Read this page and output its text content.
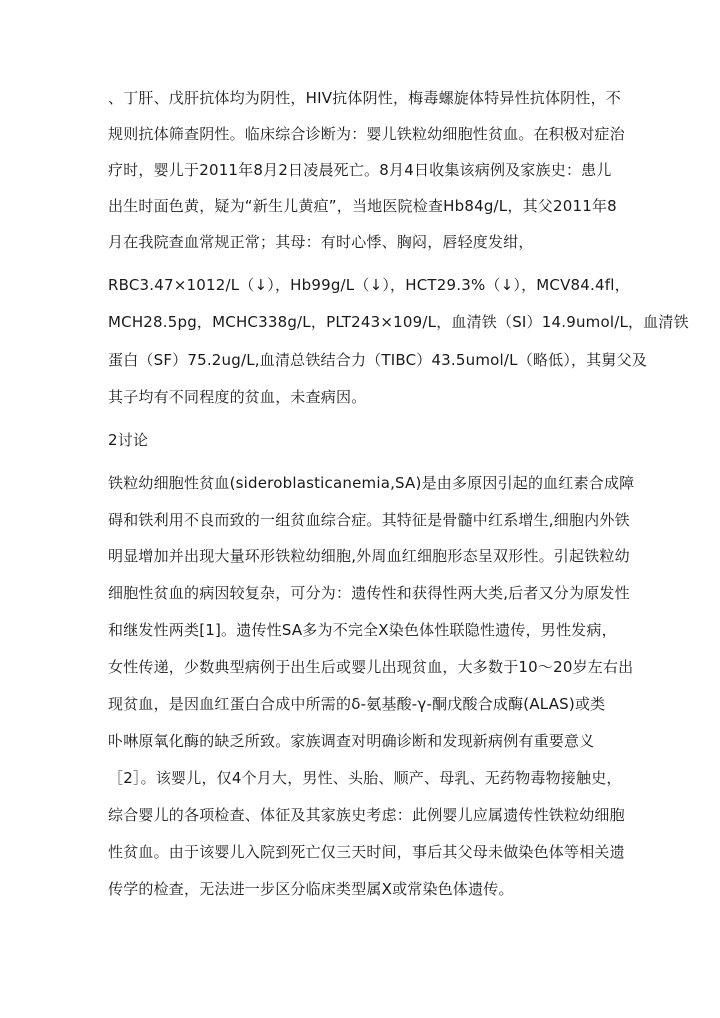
、丁肝、戊肝抗体均为阴性，HIV抗体阴性，梅毒螺旋体特异性抗体阴性，不
规则抗体筛查阴性。临床综合诊断为：婴儿铁粒幼细胞性贫血。在积极对症治
疗时，婴儿于2011年8月2日凌晨死亡。8月4日收集该病例及家族史：患儿
出生时面色黄，疑为“新生儿黄疸”，当地医院检查Hb84g/L，其父2011年8
月在我院查血常规正常；其母：有时心悸、胸闷，唇轻度发绀，
RBC3.47×1012/L（↓），Hb99g/L（↓），HCT29.3%（↓），MCV84.4fl，
MCH28.5pg，MCHC338g/L，PLT243×109/L，血清铁（SI）14.9umol/L，血清铁
蛋白（SF）75.2ug/L,血清总铁结合力（TIBC）43.5umol/L（略低），其舅父及
其子均有不同程度的贫血，未查病因。
2讨论
铁粒幼细胞性贫血(sideroblasticanemia,SA)是由多原因引起的血红素合成障
碍和铁利用不良而致的一组贫血综合症。其特征是骨髓中红系增生,细胞内外铁
明显增加并出现大量环形铁粒幼细胞,外周血红细胞形态呈双形性。引起铁粒幼
细胞性贫血的病因较复杂，可分为：遗传性和获得性两大类,后者又分为原发性
和继发性两类[1]。遗传性SA多为不完全X染色体性联隐性遗传，男性发病，
女性传递，少数典型病例于出生后或婴儿出现贫血，大多数于10～20岁左右出
现贫血，是因血红蛋白合成中所需的δ-氨基酸-γ-酮戊酸合成酶(ALAS)或类
卟啉原氧化酶的缺乏所致。家族调查对明确诊断和发现新病例有重要意义
［2］。该婴儿，仅4个月大，男性、头胎、顺产、母乳、无药物毒物接触史，
综合婴儿的各项检查、体征及其家族史考虑：此例婴儿应属遗传性铁粒幼细胞
性贫血。由于该婴儿入院到死亡仅三天时间，事后其父母未做染色体等相关遗
传学的检查，无法进一步区分临床类型属X或常染色体遗传。
